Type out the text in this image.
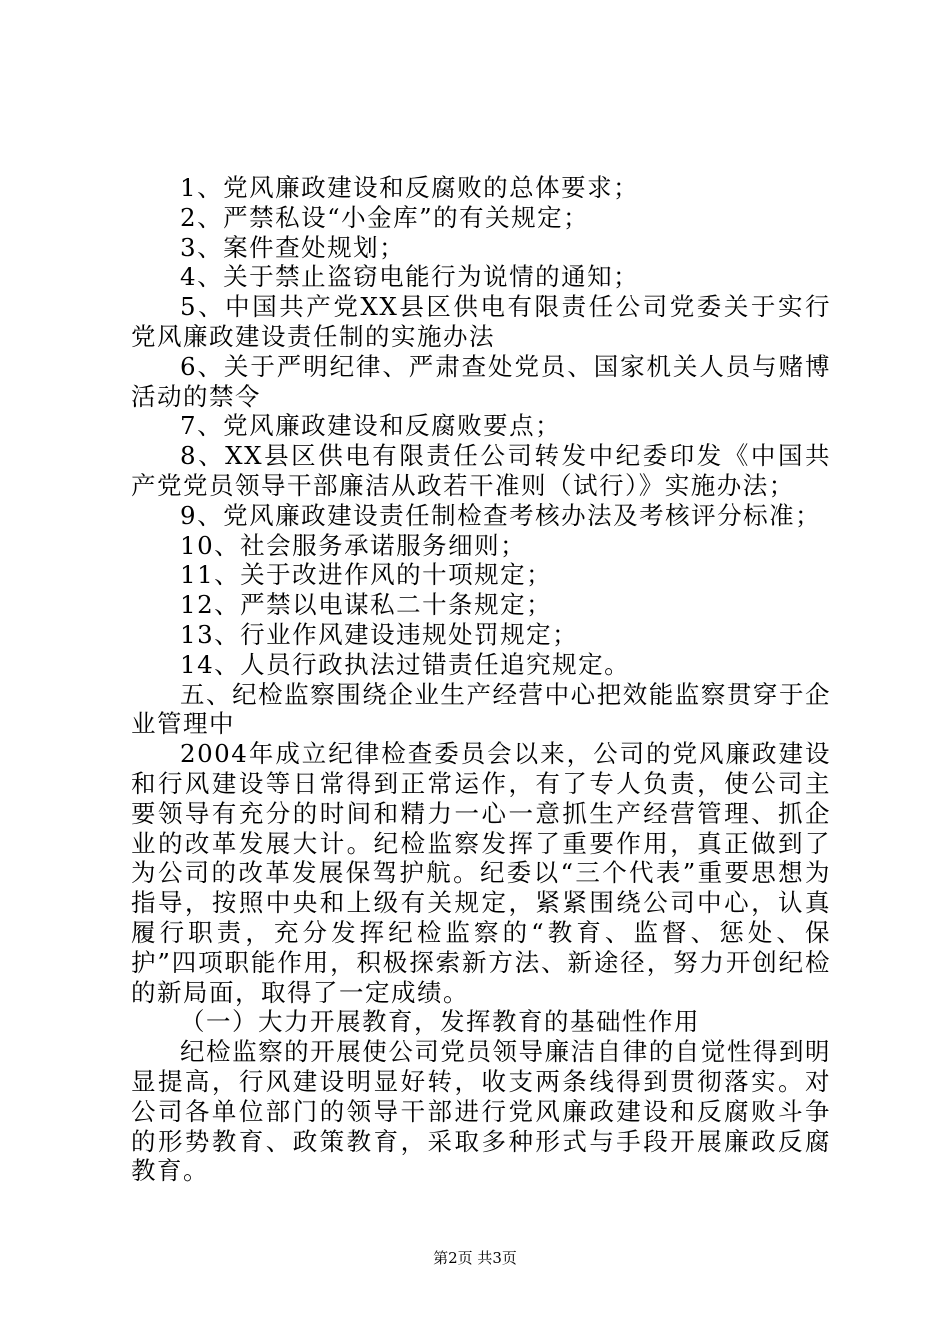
1、党风廉政建设和反腐败的总体要求；

2、严禁私设“小金库”的有关规定；

3、案件查处规划；

4、关于禁止盗窃电能行为说情的通知；

5、中国共产党XX县区供电有限责任公司党委关于实行党风廉政建设责任制的实施办法

6、关于严明纪律、严肃查处党员、国家机关人员与赌博活动的禁令

7、党风廉政建设和反腐败要点；

8、XX县区供电有限责任公司转发中纪委印发《中国共产党党员领导干部廉洁从政若干准则（试行）》实施办法；

9、党风廉政建设责任制检查考核办法及考核评分标准；

10、社会服务承诺服务细则；

11、关于改进作风的十项规定；

12、严禁以电谋私二十条规定；

13、行业作风建设违规处罚规定；

14、人员行政执法过错责任追究规定。

五、纪检监察围绕企业生产经营中心把效能监察贯穿于企业管理中

2004年成立纪律检查委员会以来，公司的党风廉政建设和行风建设等日常得到正常运作，有了专人负责，使公司主要领导有充分的时间和精力一心一意抓生产经营管理、抓企业的改革发展大计。纪检监察发挥了重要作用，真正做到了为公司的改革发展保驾护航。纪委以“三个代表”重要思想为指导，按照中央和上级有关规定，紧紧围绕公司中心，认真履行职责，充分发挥纪检监察的“教育、监督、惩处、保护”四项职能作用，积极探索新方法、新途径，努力开创纪检的新局面，取得了一定成绩。

（一）大力开展教育，发挥教育的基础性作用

纪检监察的开展使公司党员领导廉洁自律的自觉性得到明显提高，行风建设明显好转，收支两条线得到贯彻落实。对公司各单位部门的领导干部进行党风廉政建设和反腐败斗争的形势教育、政策教育，采取多种形式与手段开展廉政反腐教育。

第2页 共3页
